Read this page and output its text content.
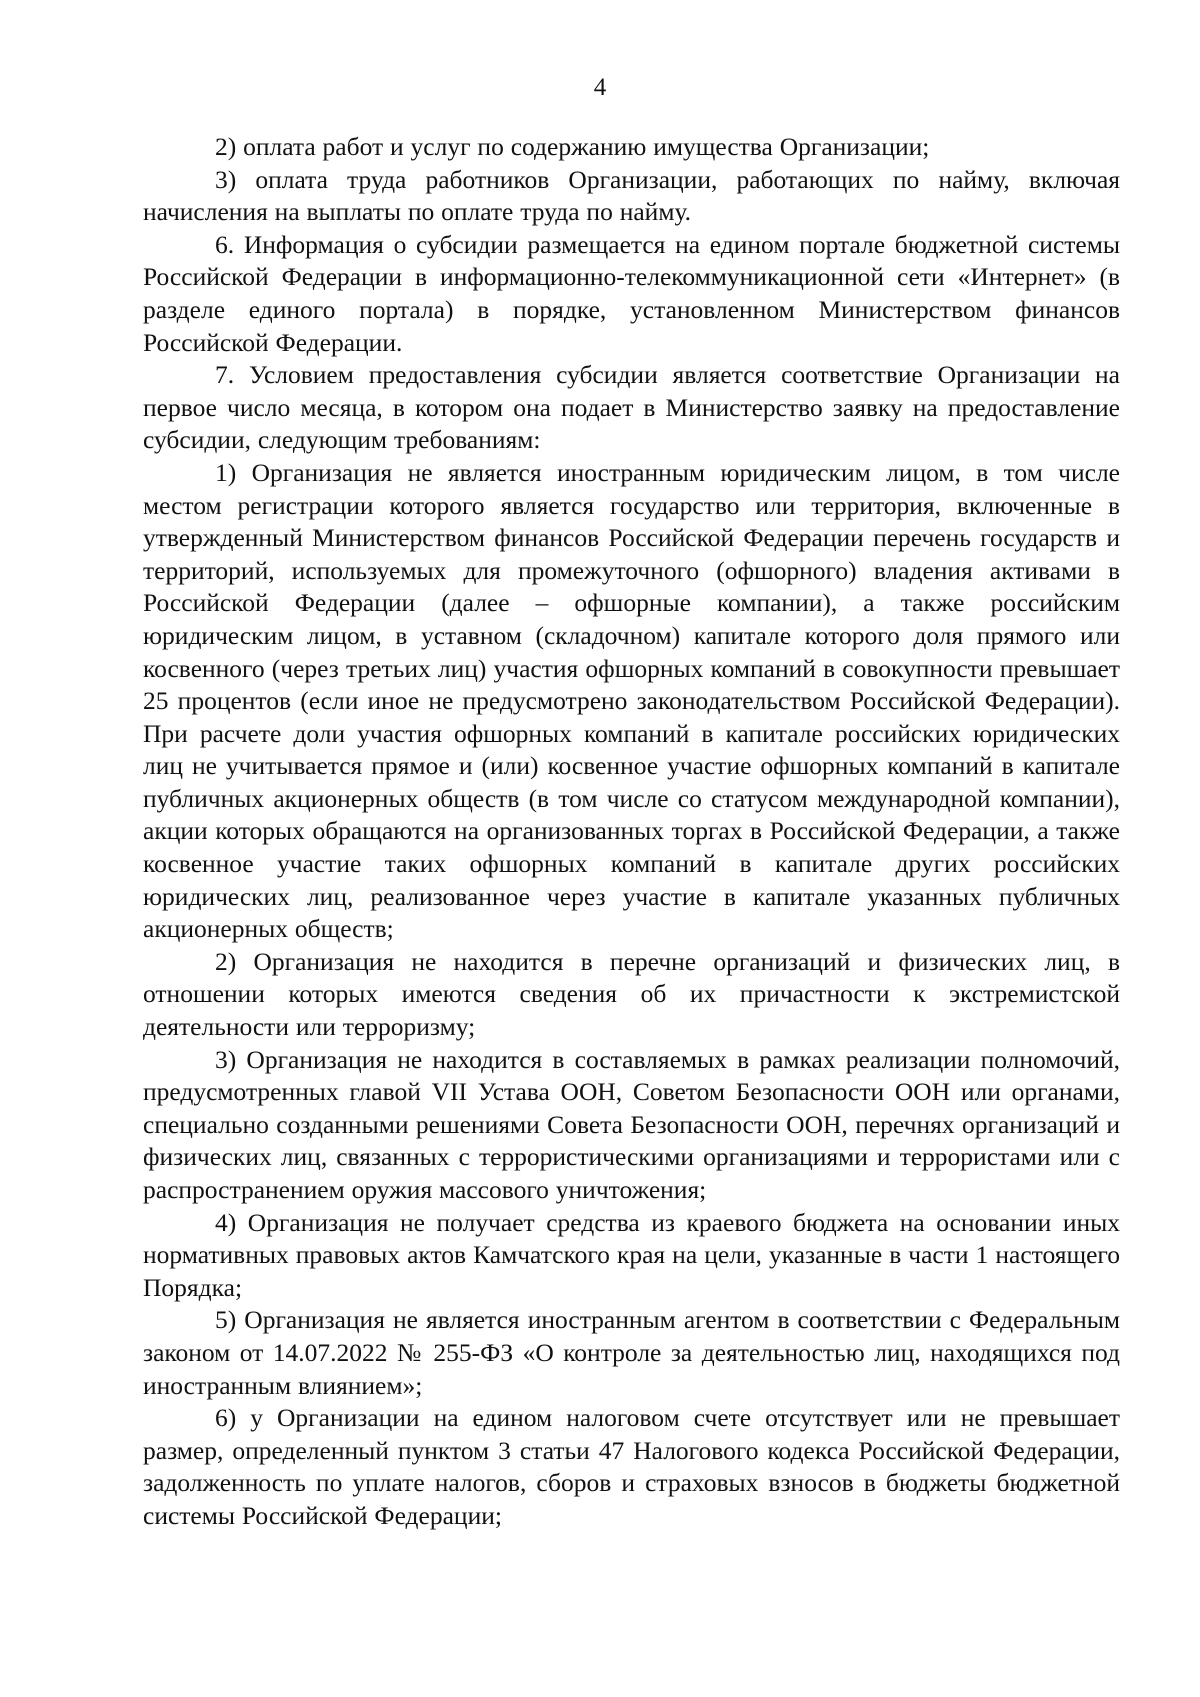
4

2) оплата работ и услуг по содержанию имущества Организации;

3) оплата труда работников Организации, работающих по найму, включая начисления на выплаты по оплате труда по найму.

6. Информация о субсидии размещается на едином портале бюджетной системы Российской Федерации в информационно-телекоммуникационной сети «Интернет» (в разделе единого портала) в порядке, установленном Министерством финансов Российской Федерации.

7. Условием предоставления субсидии является соответствие Организации на первое число месяца, в котором она подает в Министерство заявку на предоставление субсидии, следующим требованиям:

1) Организация не является иностранным юридическим лицом, в том числе местом регистрации которого является государство или территория, включенные в утвержденный Министерством финансов Российской Федерации перечень государств и территорий, используемых для промежуточного (офшорного) владения активами в Российской Федерации (далее – офшорные компании), а также российским юридическим лицом, в уставном (складочном) капитале которого доля прямого или косвенного (через третьих лиц) участия офшорных компаний в совокупности превышает 25 процентов (если иное не предусмотрено законодательством Российской Федерации). При расчете доли участия офшорных компаний в капитале российских юридических лиц не учитывается прямое и (или) косвенное участие офшорных компаний в капитале публичных акционерных обществ (в том числе со статусом международной компании), акции которых обращаются на организованных торгах в Российской Федерации, а также косвенное участие таких офшорных компаний в капитале других российских юридических лиц, реализованное через участие в капитале указанных публичных акционерных обществ;

2) Организация не находится в перечне организаций и физических лиц, в отношении которых имеются сведения об их причастности к экстремистской деятельности или терроризму;

3) Организация не находится в составляемых в рамках реализации полномочий, предусмотренных главой VII Устава ООН, Советом Безопасности ООН или органами, специально созданными решениями Совета Безопасности ООН, перечнях организаций и физических лиц, связанных с террористическими организациями и террористами или с распространением оружия массового уничтожения;

4) Организация не получает средства из краевого бюджета на основании иных нормативных правовых актов Камчатского края на цели, указанные в части 1 настоящего Порядка;

5) Организация не является иностранным агентом в соответствии с Федеральным законом от 14.07.2022 № 255-ФЗ «О контроле за деятельностью лиц, находящихся под иностранным влиянием»;

6) у Организации на едином налоговом счете отсутствует или не превышает размер, определенный пунктом 3 статьи 47 Налогового кодекса Российской Федерации, задолженность по уплате налогов, сборов и страховых взносов в бюджеты бюджетной системы Российской Федерации;
